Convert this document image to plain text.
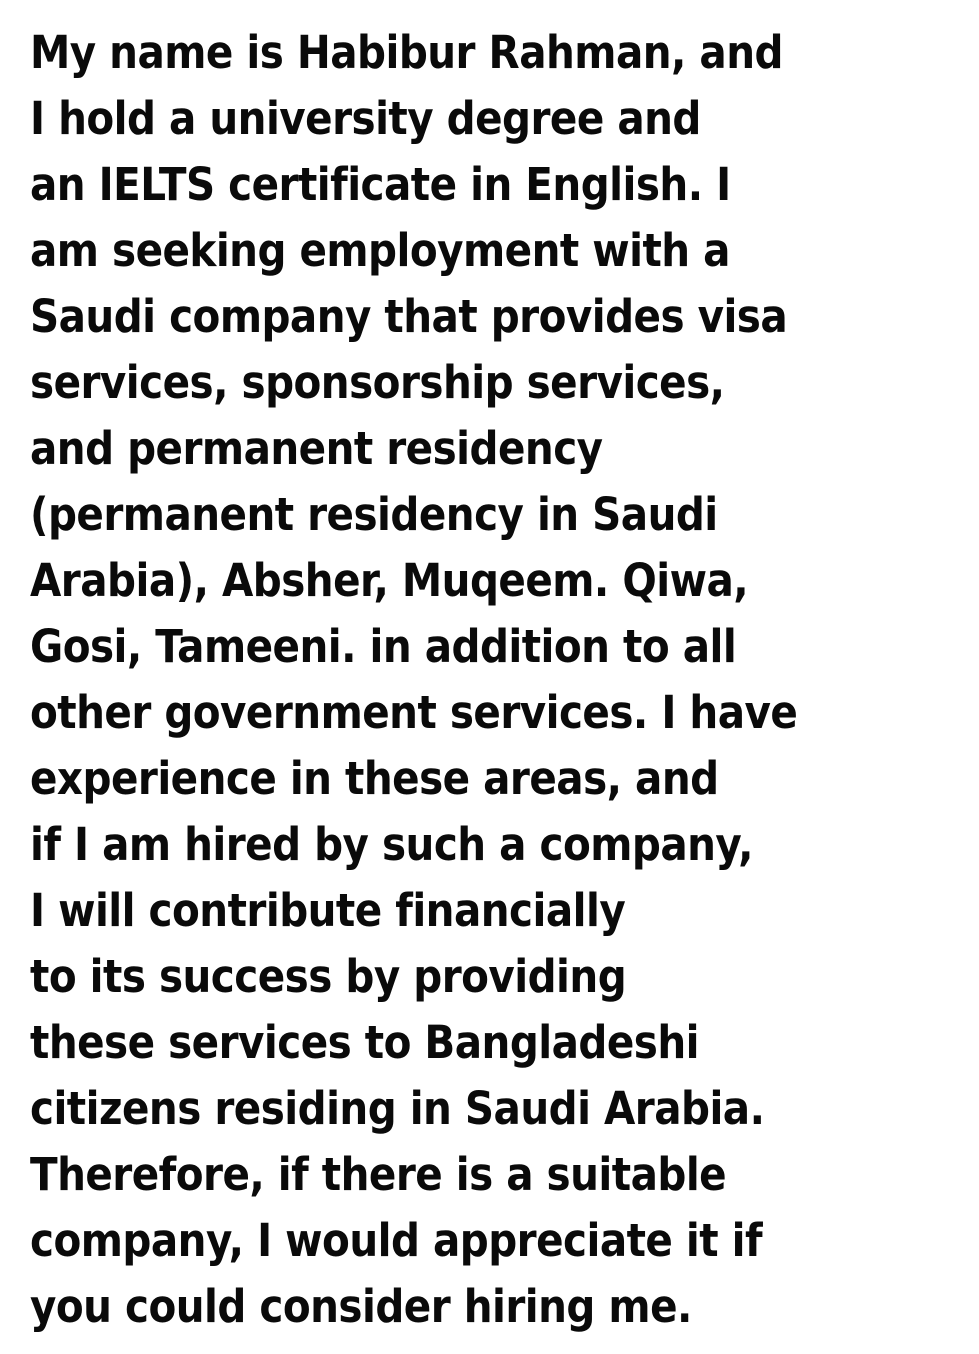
My name is Habibur Rahman, and
I hold a university degree and
an IELTS certificate in English. I
am seeking employment with a
Saudi company that provides visa
services, sponsorship services,
and permanent residency
(permanent residency in Saudi
Arabia), Absher, Muqeem. Qiwa,
Gosi, Tameeni. in addition to all
other government services. I have
experience in these areas, and
if I am hired by such a company,
I will contribute financially
to its success by providing
these services to Bangladeshi
citizens residing in Saudi Arabia.
Therefore, if there is a suitable
company, I would appreciate it if
you could consider hiring me.
